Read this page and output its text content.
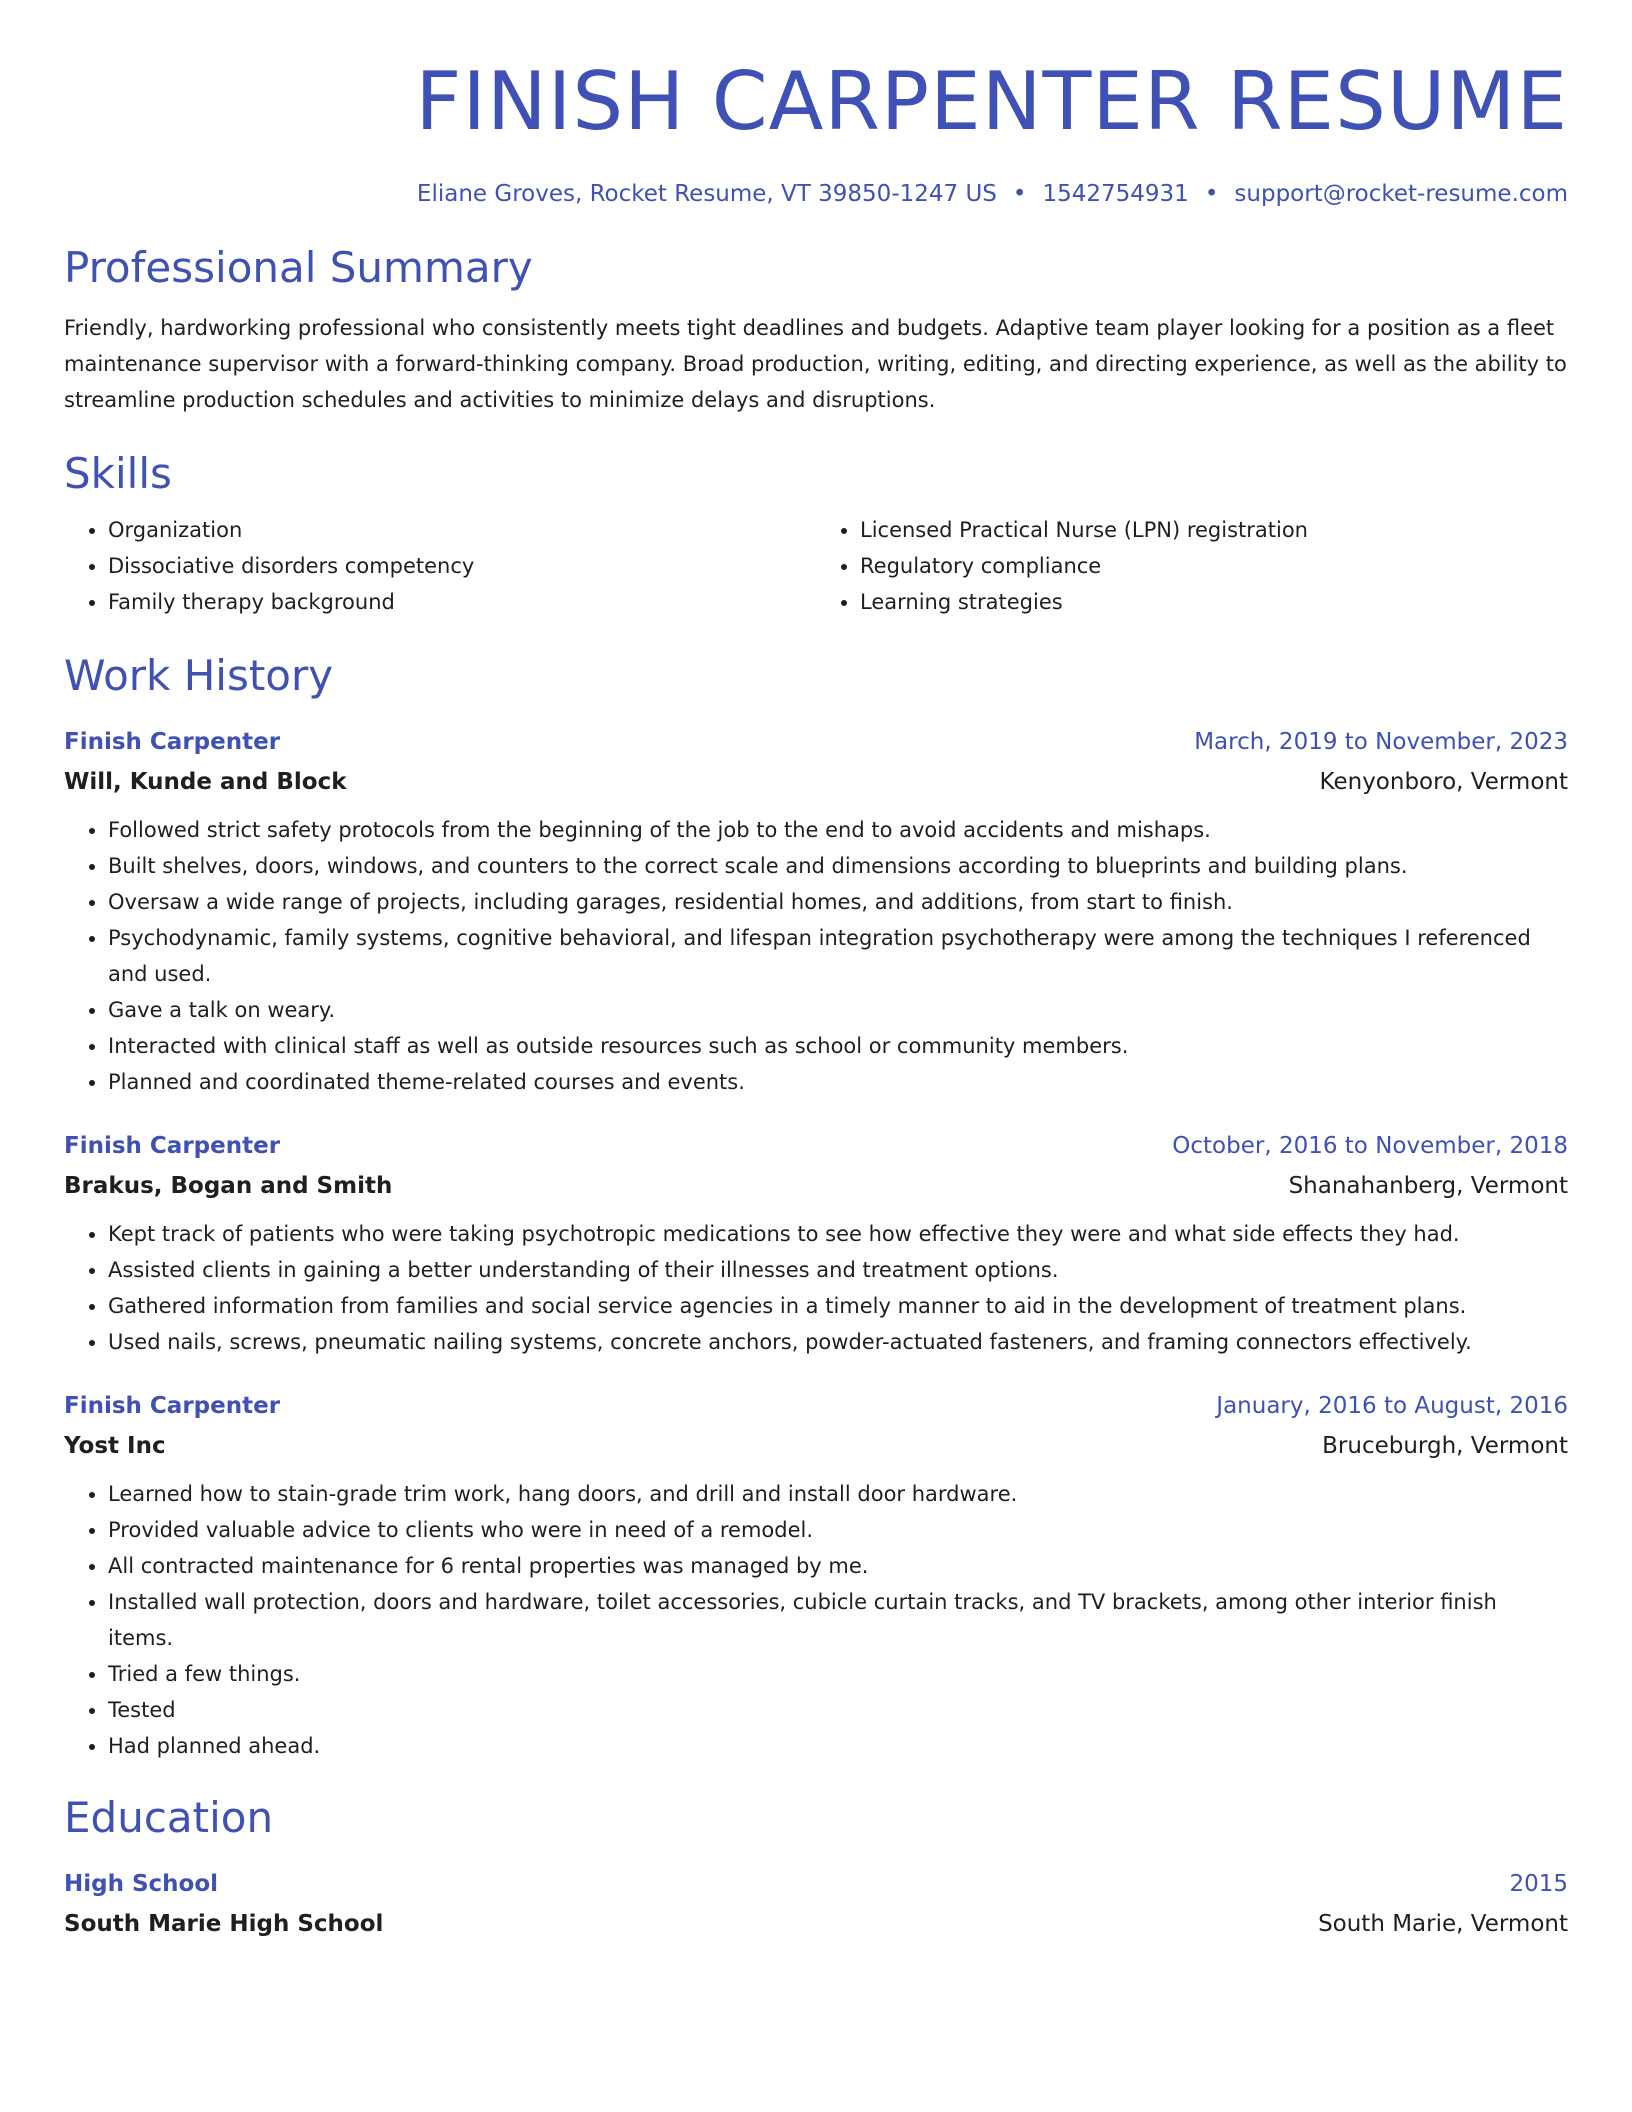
FINISH CARPENTER RESUME
Eliane Groves, Rocket Resume, VT 39850-1247 US • 1542754931 • support@rocket-resume.com
Professional Summary
Friendly, hardworking professional who consistently meets tight deadlines and budgets. Adaptive team player looking for a position as a fleet maintenance supervisor with a forward-thinking company. Broad production, writing, editing, and directing experience, as well as the ability to streamline production schedules and activities to minimize delays and disruptions.
Skills
• Organization
• Dissociative disorders competency
• Family therapy background
• Licensed Practical Nurse (LPN) registration
• Regulatory compliance
• Learning strategies
Work History
Finish Carpenter	March, 2019 to November, 2023
Will, Kunde and Block	Kenyonboro, Vermont
• Followed strict safety protocols from the beginning of the job to the end to avoid accidents and mishaps.
• Built shelves, doors, windows, and counters to the correct scale and dimensions according to blueprints and building plans.
• Oversaw a wide range of projects, including garages, residential homes, and additions, from start to finish.
• Psychodynamic, family systems, cognitive behavioral, and lifespan integration psychotherapy were among the techniques I referenced and used.
• Gave a talk on weary.
• Interacted with clinical staff as well as outside resources such as school or community members.
• Planned and coordinated theme-related courses and events.
Finish Carpenter	October, 2016 to November, 2018
Brakus, Bogan and Smith	Shanahanberg, Vermont
• Kept track of patients who were taking psychotropic medications to see how effective they were and what side effects they had.
• Assisted clients in gaining a better understanding of their illnesses and treatment options.
• Gathered information from families and social service agencies in a timely manner to aid in the development of treatment plans.
• Used nails, screws, pneumatic nailing systems, concrete anchors, powder-actuated fasteners, and framing connectors effectively.
Finish Carpenter	January, 2016 to August, 2016
Yost Inc	Bruceburgh, Vermont
• Learned how to stain-grade trim work, hang doors, and drill and install door hardware.
• Provided valuable advice to clients who were in need of a remodel.
• All contracted maintenance for 6 rental properties was managed by me.
• Installed wall protection, doors and hardware, toilet accessories, cubicle curtain tracks, and TV brackets, among other interior finish items.
• Tried a few things.
• Tested
• Had planned ahead.
Education
High School	2015
South Marie High School	South Marie, Vermont
